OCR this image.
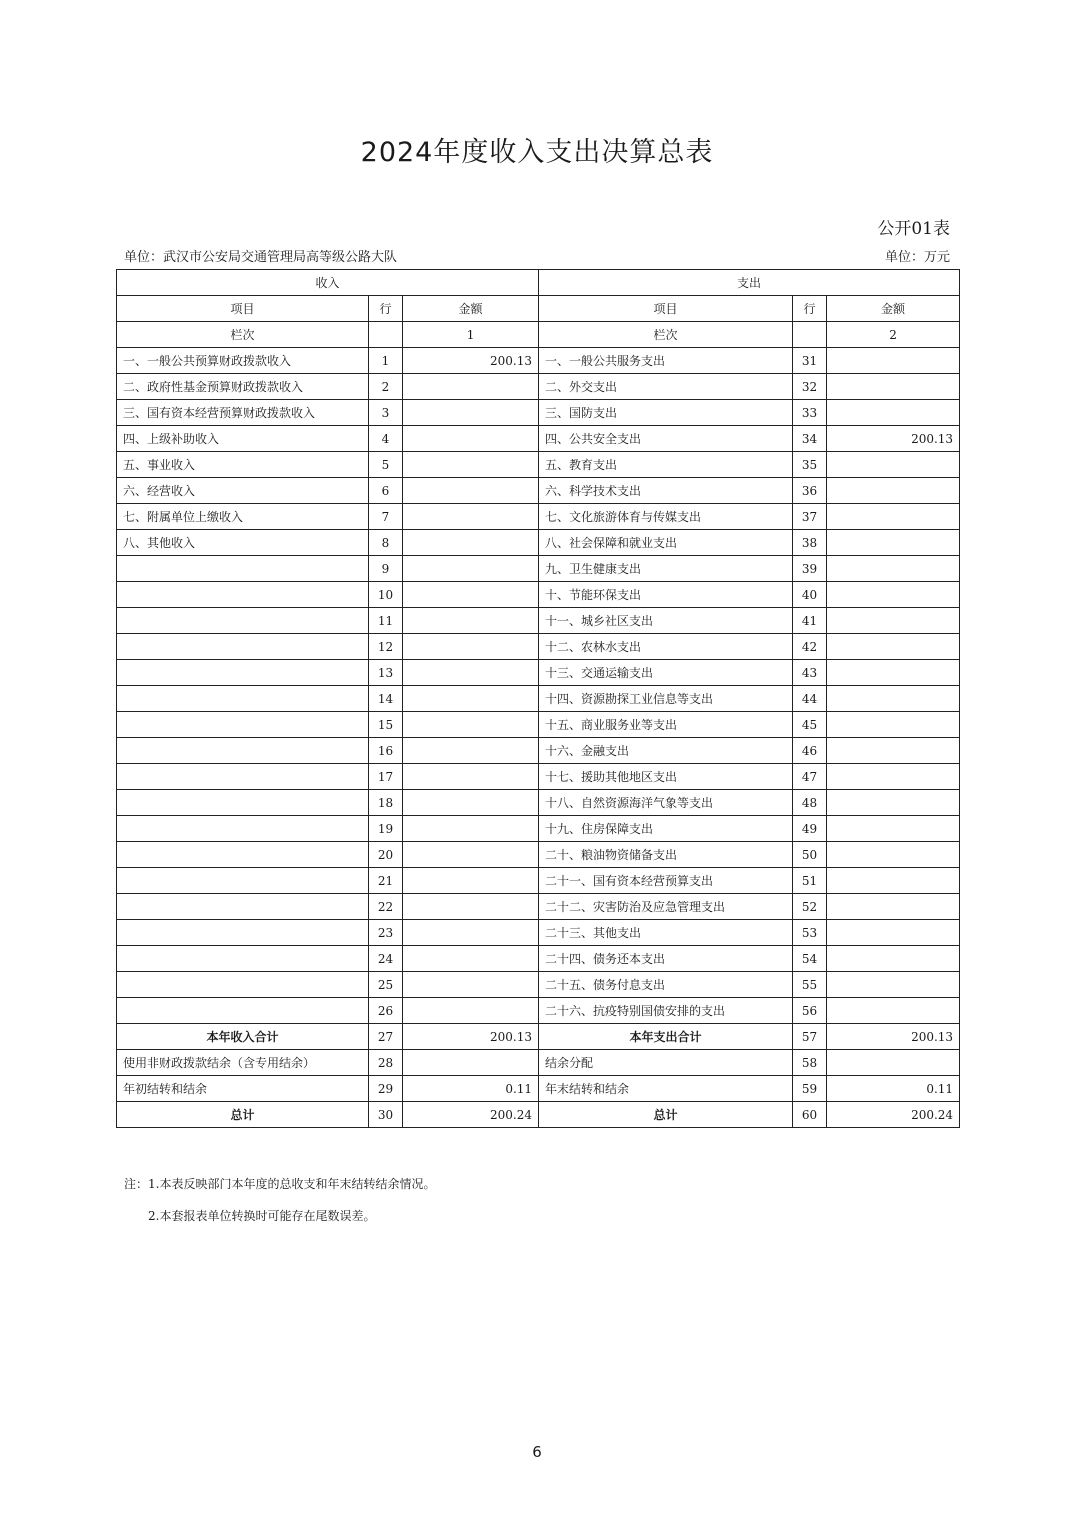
2024年度收入支出决算总表
公开01表
单位：武汉市公安局交通管理局高等级公路大队	单位：万元
收入			支出		
项目	行	金额	项目	行	金额
栏次		1	栏次		2
一、一般公共预算财政拨款收入	1	200.13	一、一般公共服务支出	31	
二、政府性基金预算财政拨款收入	2		二、外交支出	32	
三、国有资本经营预算财政拨款收入	3		三、国防支出	33	
四、上级补助收入	4		四、公共安全支出	34	200.13
五、事业收入	5		五、教育支出	35	
六、经营收入	6		六、科学技术支出	36	
七、附属单位上缴收入	7		七、文化旅游体育与传媒支出	37	
八、其他收入	8		八、社会保障和就业支出	38	
	9		九、卫生健康支出	39	
	10		十、节能环保支出	40	
	11		十一、城乡社区支出	41	
	12		十二、农林水支出	42	
	13		十三、交通运输支出	43	
	14		十四、资源勘探工业信息等支出	44	
	15		十五、商业服务业等支出	45	
	16		十六、金融支出	46	
	17		十七、援助其他地区支出	47	
	18		十八、自然资源海洋气象等支出	48	
	19		十九、住房保障支出	49	
	20		二十、粮油物资储备支出	50	
	21		二十一、国有资本经营预算支出	51	
	22		二十二、灾害防治及应急管理支出	52	
	23		二十三、其他支出	53	
	24		二十四、债务还本支出	54	
	25		二十五、债务付息支出	55	
	26		二十六、抗疫特别国债安排的支出	56	
本年收入合计	27	200.13	本年支出合计	57	200.13
使用非财政拨款结余（含专用结余）	28		结余分配	58	
年初结转和结余	29	0.11	年末结转和结余	59	0.11
总计	30	200.24	总计	60	200.24
注：1.本表反映部门本年度的总收支和年末结转结余情况。
2.本套报表单位转换时可能存在尾数误差。
6
